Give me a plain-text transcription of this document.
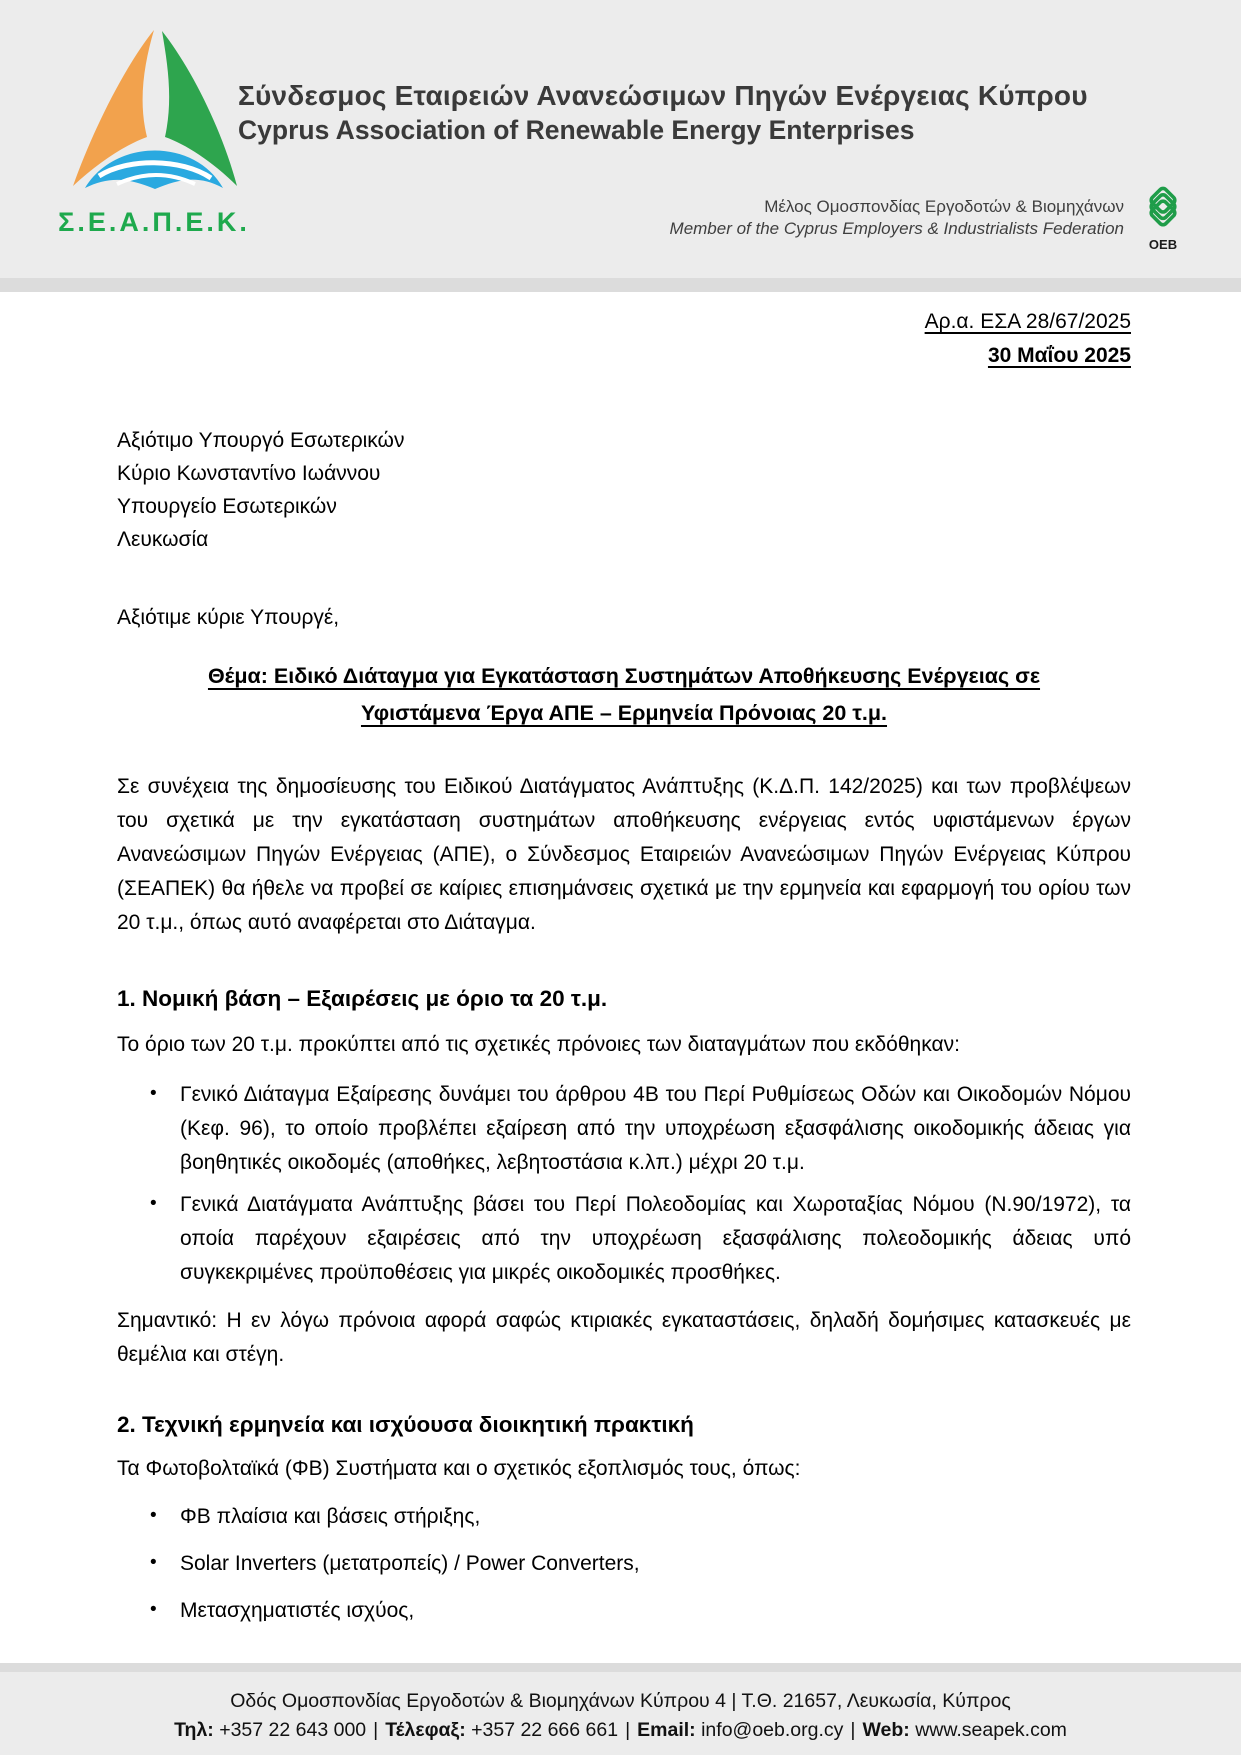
Σ.Ε.Α.Π.Ε.Κ.
Σύνδεσμος Εταιρειών Ανανεώσιμων Πηγών Ενέργειας Κύπρου
Cyprus Association of Renewable Energy Enterprises
Μέλος Ομοσπονδίας Εργοδοτών & Βιομηχάνων
Member of the Cyprus Employers & Industrialists Federation
OEB
Αρ.α. ΕΣΑ 28/67/2025
30 Μαΐου 2025
Αξιότιμο Υπουργό Εσωτερικών
Κύριο Κωνσταντίνο Ιωάννου
Υπουργείο Εσωτερικών
Λευκωσία
Αξιότιμε κύριε Υπουργέ,
Θέμα: Ειδικό Διάταγμα για Εγκατάσταση Συστημάτων Αποθήκευσης Ενέργειας σε
Υφιστάμενα Έργα ΑΠΕ – Ερμηνεία Πρόνοιας 20 τ.μ.
Σε συνέχεια της δημοσίευσης του Ειδικού Διατάγματος Ανάπτυξης (Κ.Δ.Π. 142/2025) και των προβλέψεων του σχετικά με την εγκατάσταση συστημάτων αποθήκευσης ενέργειας εντός υφιστάμενων έργων Ανανεώσιμων Πηγών Ενέργειας (ΑΠΕ), ο Σύνδεσμος Εταιρειών Ανανεώσιμων Πηγών Ενέργειας Κύπρου (ΣΕΑΠΕΚ) θα ήθελε να προβεί σε καίριες επισημάνσεις σχετικά με την ερμηνεία και εφαρμογή του ορίου των 20 τ.μ., όπως αυτό αναφέρεται στο Διάταγμα.
1. Νομική βάση – Εξαιρέσεις με όριο τα 20 τ.μ.
Το όριο των 20 τ.μ. προκύπτει από τις σχετικές πρόνοιες των διαταγμάτων που εκδόθηκαν:
• Γενικό Διάταγμα Εξαίρεσης δυνάμει του άρθρου 4Β του Περί Ρυθμίσεως Οδών και Οικοδομών Νόμου (Κεφ. 96), το οποίο προβλέπει εξαίρεση από την υποχρέωση εξασφάλισης οικοδομικής άδειας για βοηθητικές οικοδομές (αποθήκες, λεβητοστάσια κ.λπ.) μέχρι 20 τ.μ.
• Γενικά Διατάγματα Ανάπτυξης βάσει του Περί Πολεοδομίας και Χωροταξίας Νόμου (Ν.90/1972), τα οποία παρέχουν εξαιρέσεις από την υποχρέωση εξασφάλισης πολεοδομικής άδειας υπό συγκεκριμένες προϋποθέσεις για μικρές οικοδομικές προσθήκες.
Σημαντικό: Η εν λόγω πρόνοια αφορά σαφώς κτιριακές εγκαταστάσεις, δηλαδή δομήσιμες κατασκευές με θεμέλια και στέγη.
2. Τεχνική ερμηνεία και ισχύουσα διοικητική πρακτική
Τα Φωτοβολταϊκά (ΦΒ) Συστήματα και ο σχετικός εξοπλισμός τους, όπως:
• ΦΒ πλαίσια και βάσεις στήριξης,
• Solar Inverters (μετατροπείς) / Power Converters,
• Μετασχηματιστές ισχύος,
Οδός Ομοσπονδίας Εργοδοτών & Βιομηχάνων Κύπρου 4 | Τ.Θ. 21657, Λευκωσία, Κύπρος
Τηλ: +357 22 643 000 | Τέλεφαξ: +357 22 666 661 | Email: info@oeb.org.cy | Web: www.seapek.com
